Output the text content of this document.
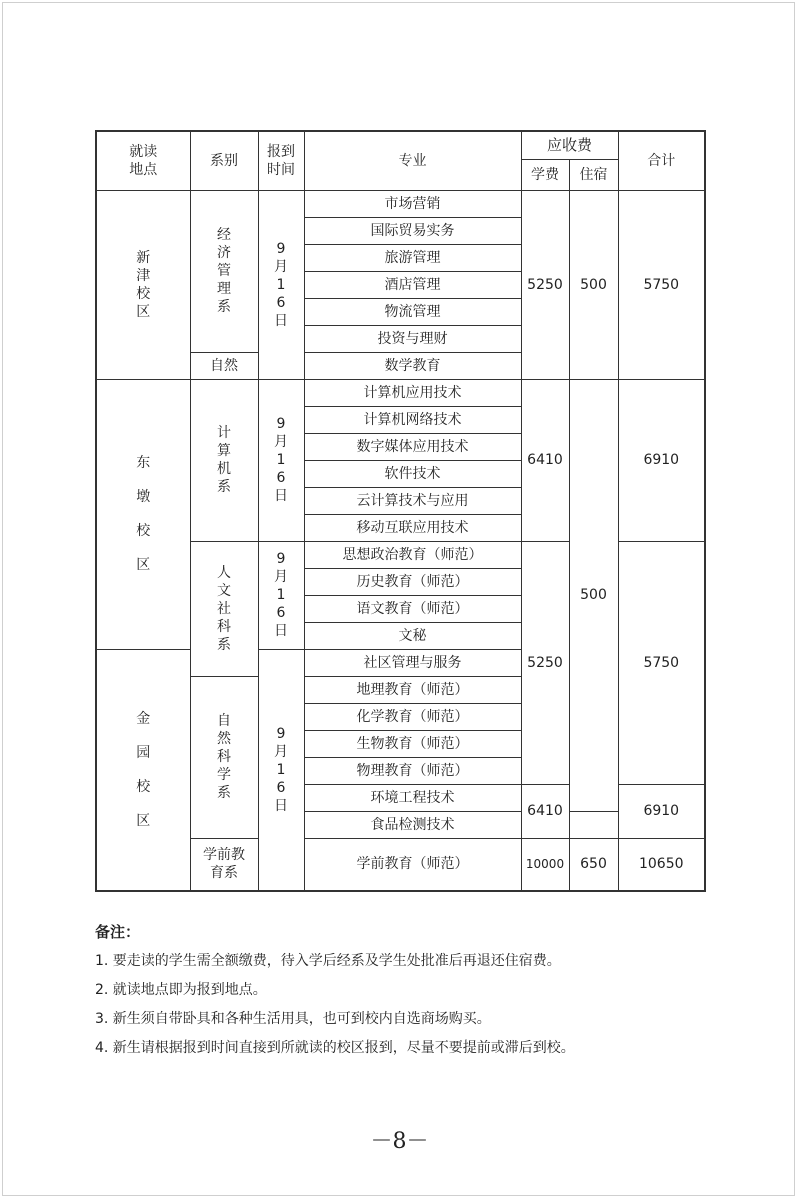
就读地点	系别	报到时间	专业	应收费		合计
				学费	住宿	

新津校区	经济管理系	9月16日	市场营销	5250	500	5750
			国际贸易实务			
			旅游管理			
			酒店管理			
			物流管理			
			投资与理财			
	自然		数学教育			

东墩校区	计算机系	9月16日	计算机应用技术	6410	500	6910
			计算机网络技术			
			数字媒体应用技术			
			软件技术			
			云计算技术与应用			
			移动互联应用技术			

	人文社科系	9月16日	思想政治教育（师范）	5250		5750
			历史教育（师范）			
			语文教育（师范）			
			文秘			

金园校区		9月16日	社区管理与服务			

	自然科学系		地理教育（师范）			
			化学教育（师范）			
			生物教育（师范）			
			物理教育（师范）			
			环境工程技术	6410		6910
			食品检测技术			

	学前教育系		学前教育（师范）	10000	650	10650
备注：
1. 要走读的学生需全额缴费，待入学后经系及学生处批准后再退还住宿费。
2. 就读地点即为报到地点。
3. 新生须自带卧具和各种生活用具，也可到校内自选商场购买。
4. 新生请根据报到时间直接到所就读的校区报到，尽量不要提前或滞后到校。
－8－
